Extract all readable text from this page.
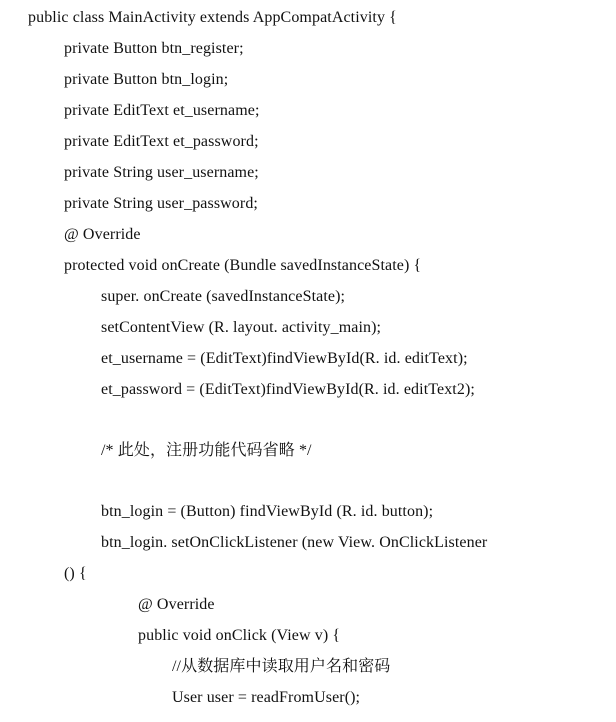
public class MainActivity extends AppCompatActivity {
private Button btn_register;
private Button btn_login;
private EditText et_username;
private EditText et_password;
private String user_username;
private String user_password;
@ Override
protected void onCreate (Bundle savedInstanceState) {
super. onCreate (savedInstanceState);
setContentView (R. layout. activity_main);
et_username = (EditText)findViewById(R. id. editText);
et_password = (EditText)findViewById(R. id. editText2);
/* 此处，注册功能代码省略 */
btn_login = (Button) findViewById (R. id. button);
btn_login. setOnClickListener (new View. OnClickListener
() {
@ Override
public void onClick (View v) {
//从数据库中读取用户名和密码
User user = readFromUser();
